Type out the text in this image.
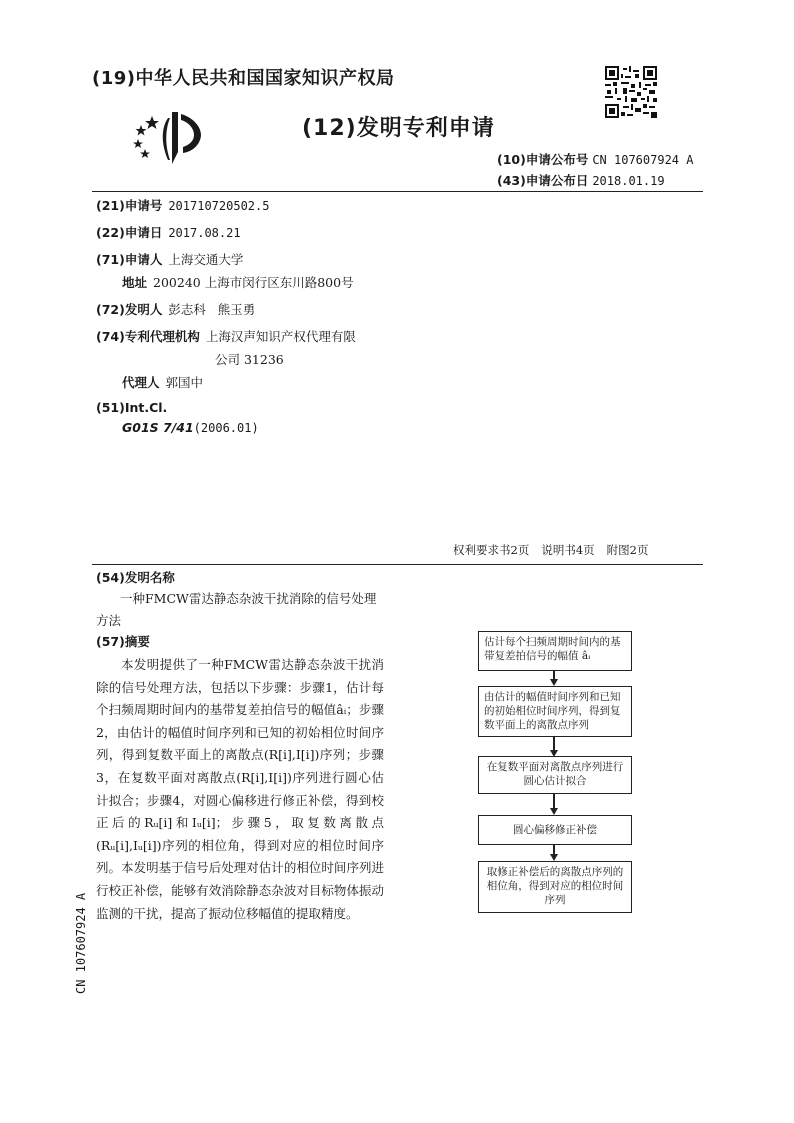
(19)中华人民共和国国家知识产权局
(12)发明专利申请
(10)申请公布号 CN 107607924 A
(43)申请公布日 2018.01.19
(21)申请号 201710720502.5
(22)申请日 2017.08.21
(71)申请人 上海交通大学
地址 200240 上海市闵行区东川路800号
(72)发明人 彭志科   熊玉勇
(74)专利代理机构 上海汉声知识产权代理有限
公司 31236
代理人 郭国中
(51)Int.Cl.
G01S 7/41(2006.01)
权利要求书2页 说明书4页 附图2页
(54)发明名称
一种FMCW雷达静态杂波干扰消除的信号处理方法
(57)摘要
本发明提供了一种FMCW雷达静态杂波干扰消除的信号处理方法，包括以下步骤：步骤1，估计每个扫频周期时间内的基带复差拍信号的幅值âᵢ；步骤2，由估计的幅值时间序列和已知的初始相位时间序列，得到复数平面上的离散点(R[i],I[i])序列；步骤3，在复数平面对离散点(R[i],I[i])序列进行圆心估计拟合；步骤4，对圆心偏移进行修正补偿，得到校正后的Rᵤ[i]和Iᵤ[i]；步骤5，取复数离散点(Rᵤ[i],Iᵤ[i])序列的相位角，得到对应的相位时间序列。本发明基于信号后处理对估计的相位时间序列进行校正补偿，能够有效消除静态杂波对目标物体振动监测的干扰，提高了振动位移幅值的提取精度。
CN 107607924 A
估计每个扫频周期时间内的基带复差拍信号的幅值 âᵢ
由估计的幅值时间序列和已知的初始相位时间序列，得到复数平面上的离散点序列
在复数平面对离散点序列进行圆心估计拟合
圆心偏移修正补偿
取修正补偿后的离散点序列的相位角，得到对应的相位时间序列
